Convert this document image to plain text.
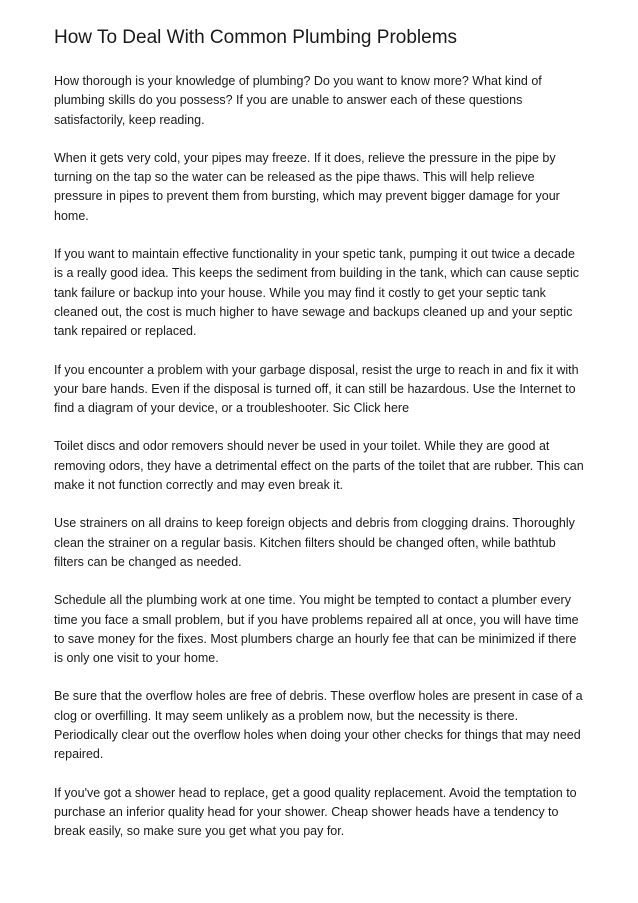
How To Deal With Common Plumbing Problems

How thorough is your knowledge of plumbing? Do you want to know more? What kind of plumbing skills do you possess? If you are unable to answer each of these questions satisfactorily, keep reading.

When it gets very cold, your pipes may freeze. If it does, relieve the pressure in the pipe by turning on the tap so the water can be released as the pipe thaws. This will help relieve pressure in pipes to prevent them from bursting, which may prevent bigger damage for your home.

If you want to maintain effective functionality in your spetic tank, pumping it out twice a decade is a really good idea. This keeps the sediment from building in the tank, which can cause septic tank failure or backup into your house. While you may find it costly to get your septic tank cleaned out, the cost is much higher to have sewage and backups cleaned up and your septic tank repaired or replaced.

If you encounter a problem with your garbage disposal, resist the urge to reach in and fix it with your bare hands. Even if the disposal is turned off, it can still be hazardous. Use the Internet to find a diagram of your device, or a troubleshooter. Sic Click here

Toilet discs and odor removers should never be used in your toilet. While they are good at removing odors, they have a detrimental effect on the parts of the toilet that are rubber. This can make it not function correctly and may even break it.

Use strainers on all drains to keep foreign objects and debris from clogging drains. Thoroughly clean the strainer on a regular basis. Kitchen filters should be changed often, while bathtub filters can be changed as needed.

Schedule all the plumbing work at one time. You might be tempted to contact a plumber every time you face a small problem, but if you have problems repaired all at once, you will have time to save money for the fixes. Most plumbers charge an hourly fee that can be minimized if there is only one visit to your home.

Be sure that the overflow holes are free of debris. These overflow holes are present in case of a clog or overfilling. It may seem unlikely as a problem now, but the necessity is there. Periodically clear out the overflow holes when doing your other checks for things that may need repaired.

If you've got a shower head to replace, get a good quality replacement. Avoid the temptation to purchase an inferior quality head for your shower. Cheap shower heads have a tendency to break easily, so make sure you get what you pay for.
